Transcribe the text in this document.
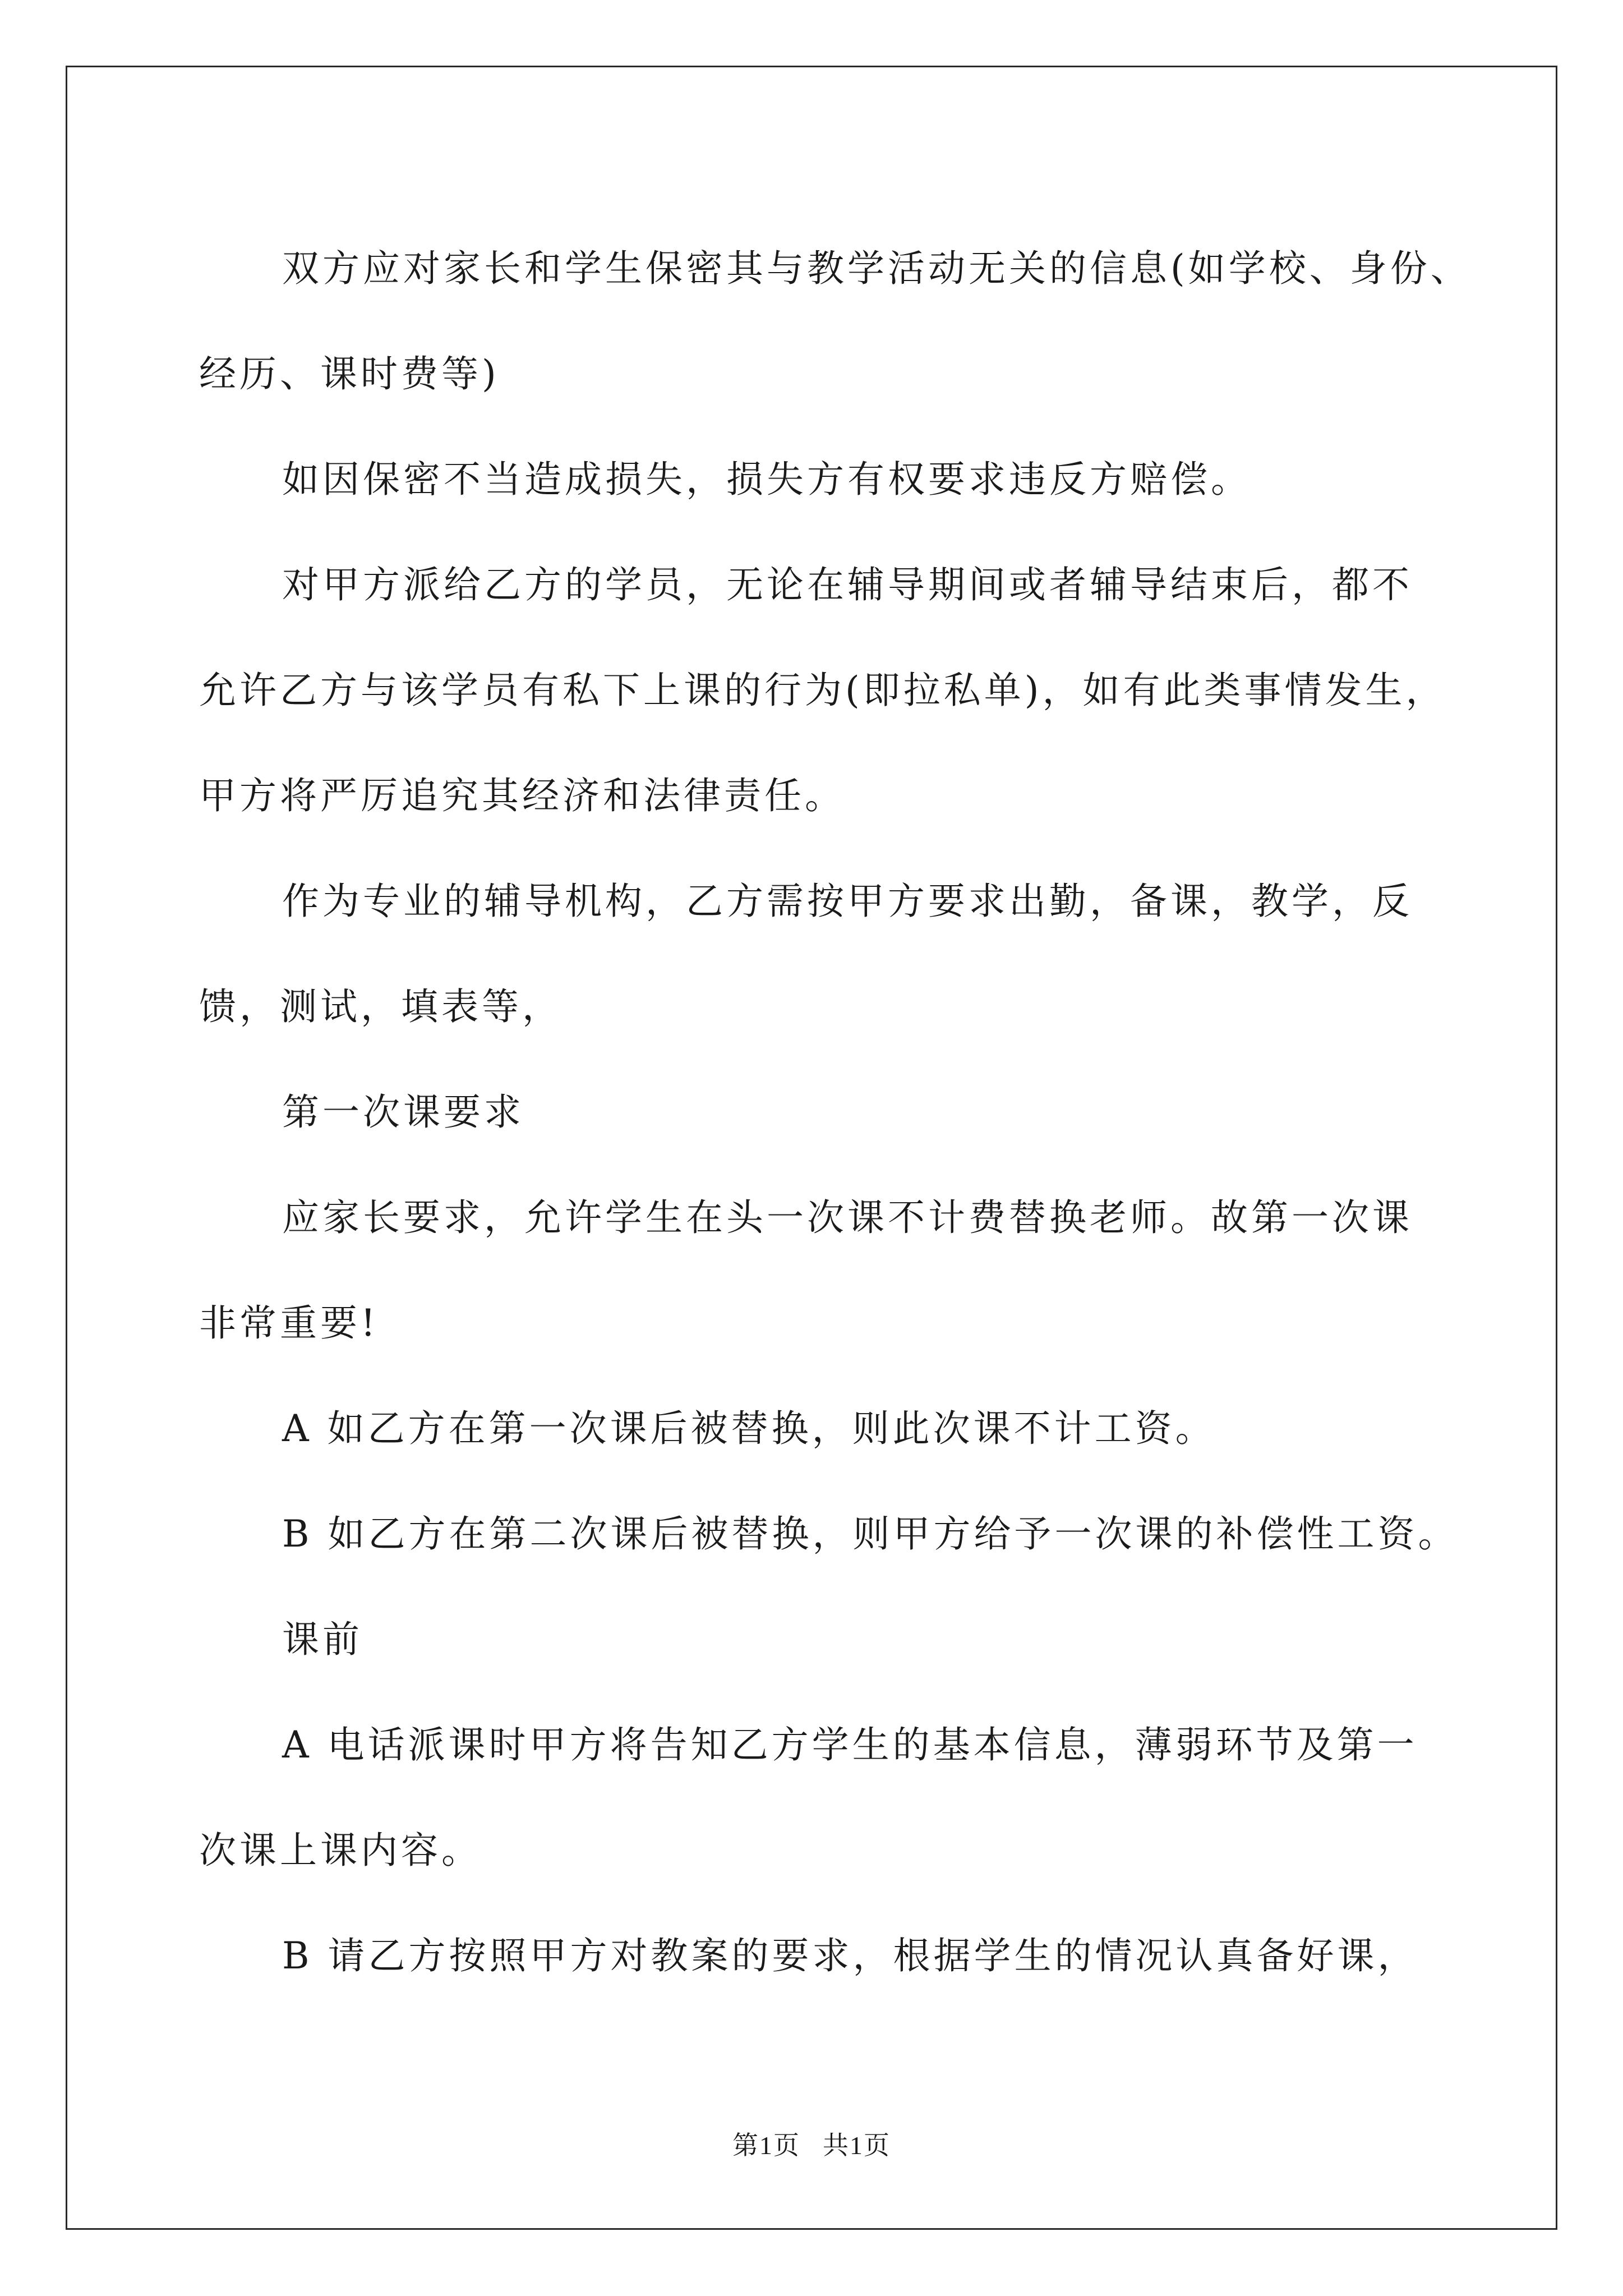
双方应对家长和学生保密其与教学活动无关的信息(如学校、身份、
经历、课时费等)

如因保密不当造成损失，损失方有权要求违反方赔偿。

对甲方派给乙方的学员，无论在辅导期间或者辅导结束后，都不
允许乙方与该学员有私下上课的行为(即拉私单)，如有此类事情发生，
甲方将严厉追究其经济和法律责任。

作为专业的辅导机构，乙方需按甲方要求出勤，备课，教学，反
馈，测试，填表等，

第一次课要求

应家长要求，允许学生在头一次课不计费替换老师。故第一次课
非常重要!

A 如乙方在第一次课后被替换，则此次课不计工资。

B 如乙方在第二次课后被替换，则甲方给予一次课的补偿性工资。

课前

A 电话派课时甲方将告知乙方学生的基本信息，薄弱环节及第一
次课上课内容。

B 请乙方按照甲方对教案的要求，根据学生的情况认真备好课，

第1页 共1页
